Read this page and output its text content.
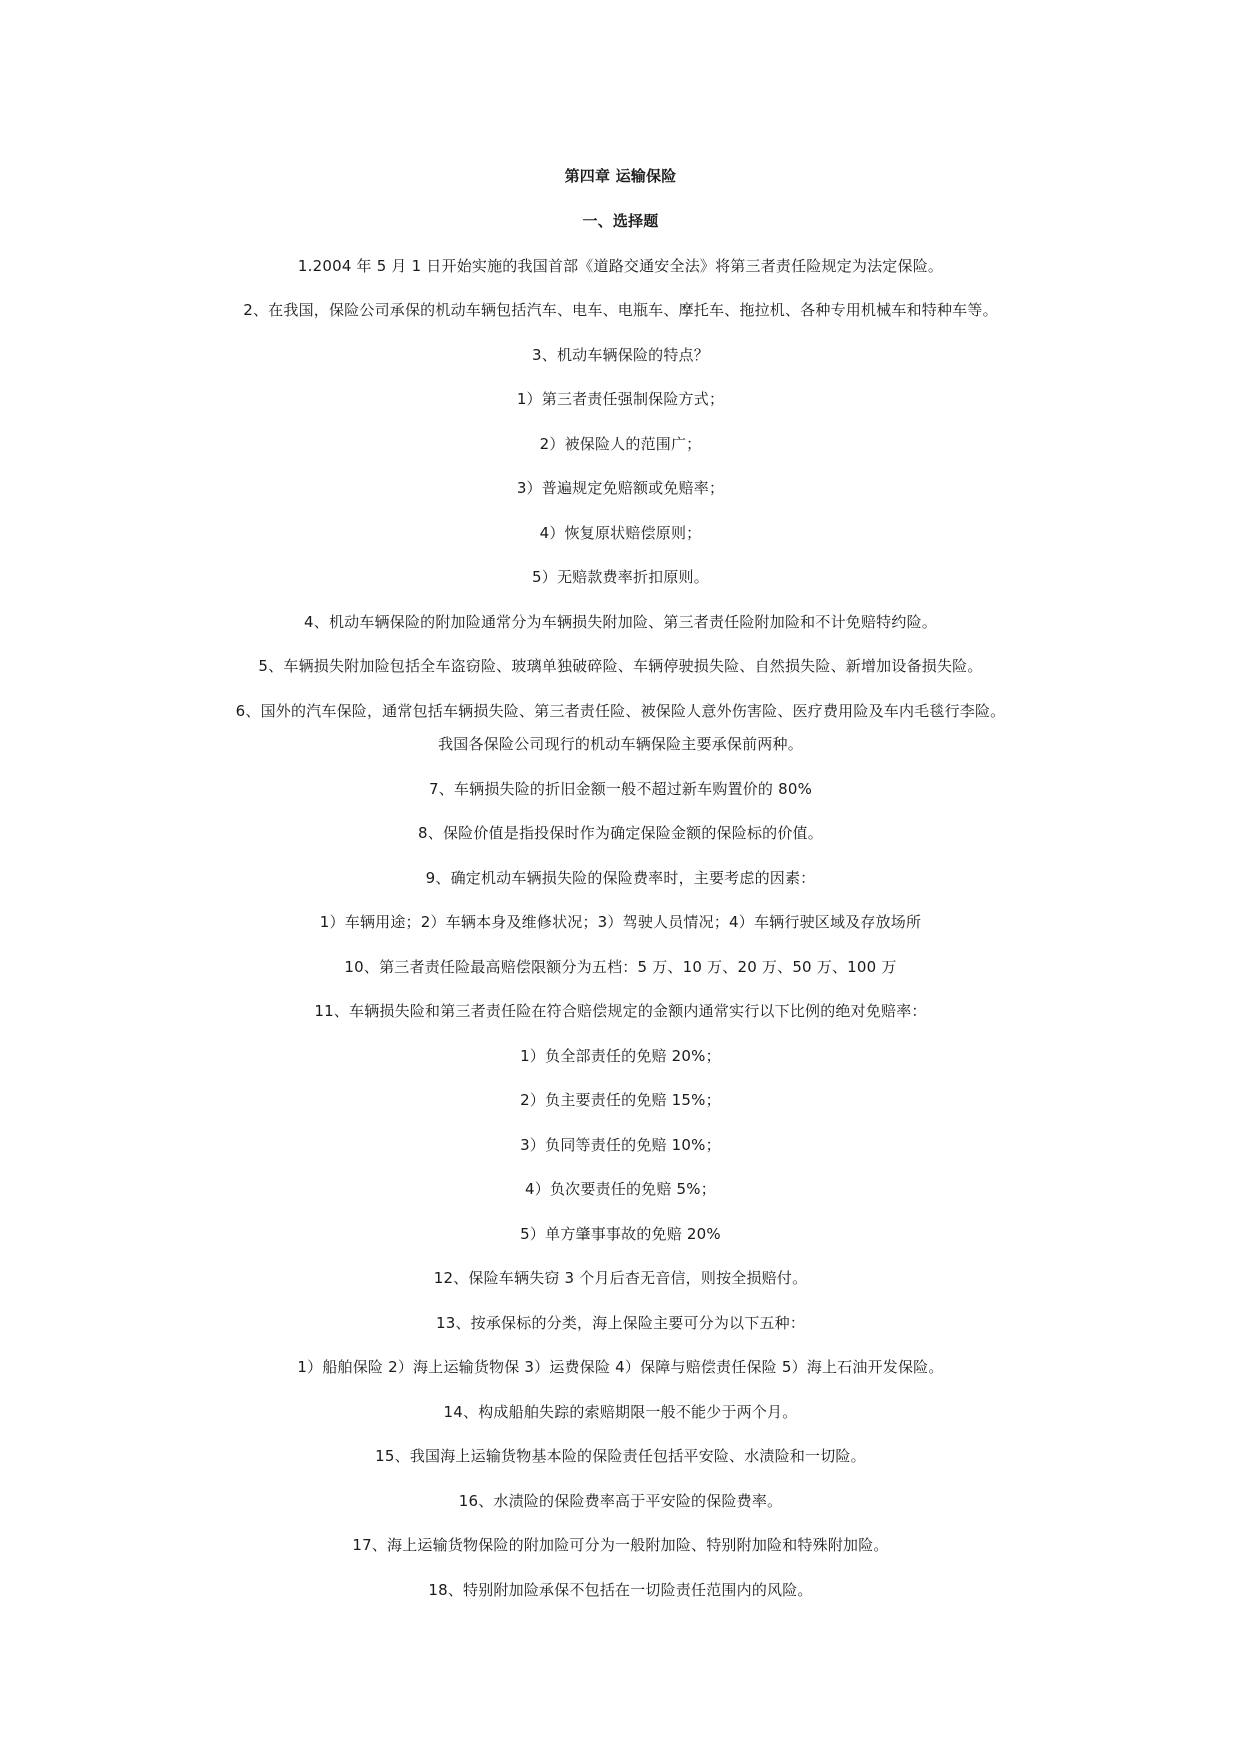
第四章 运输保险
一、选择题
1.2004 年 5 月 1 日开始实施的我国首部《道路交通安全法》将第三者责任险规定为法定保险。
2、在我国，保险公司承保的机动车辆包括汽车、电车、电瓶车、摩托车、拖拉机、各种专用机械车和特种车等。
3、机动车辆保险的特点？
1）第三者责任强制保险方式；
2）被保险人的范围广；
3）普遍规定免赔额或免赔率；
4）恢复原状赔偿原则；
5）无赔款费率折扣原则。
4、机动车辆保险的附加险通常分为车辆损失附加险、第三者责任险附加险和不计免赔特约险。
5、车辆损失附加险包括全车盗窃险、玻璃单独破碎险、车辆停驶损失险、自然损失险、新增加设备损失险。
6、国外的汽车保险，通常包括车辆损失险、第三者责任险、被保险人意外伤害险、医疗费用险及车内毛毯行李险。
我国各保险公司现行的机动车辆保险主要承保前两种。
7、车辆损失险的折旧金额一般不超过新车购置价的 80%
8、保险价值是指投保时作为确定保险金额的保险标的价值。
9、确定机动车辆损失险的保险费率时，主要考虑的因素：
1）车辆用途；2）车辆本身及维修状况；3）驾驶人员情况；4）车辆行驶区域及存放场所
10、第三者责任险最高赔偿限额分为五档：5 万、10 万、20 万、50 万、100 万
11、车辆损失险和第三者责任险在符合赔偿规定的金额内通常实行以下比例的绝对免赔率：
1）负全部责任的免赔 20%；
2）负主要责任的免赔 15%；
3）负同等责任的免赔 10%；
4）负次要责任的免赔 5%；
5）单方肇事事故的免赔 20%
12、保险车辆失窃 3 个月后杳无音信，则按全损赔付。
13、按承保标的分类，海上保险主要可分为以下五种：
1）船舶保险 2）海上运输货物保 3）运费保险 4）保障与赔偿责任保险 5）海上石油开发保险。
14、构成船舶失踪的索赔期限一般不能少于两个月。
15、我国海上运输货物基本险的保险责任包括平安险、水渍险和一切险。
16、水渍险的保险费率高于平安险的保险费率。
17、海上运输货物保险的附加险可分为一般附加险、特别附加险和特殊附加险。
18、特别附加险承保不包括在一切险责任范围内的风险。
